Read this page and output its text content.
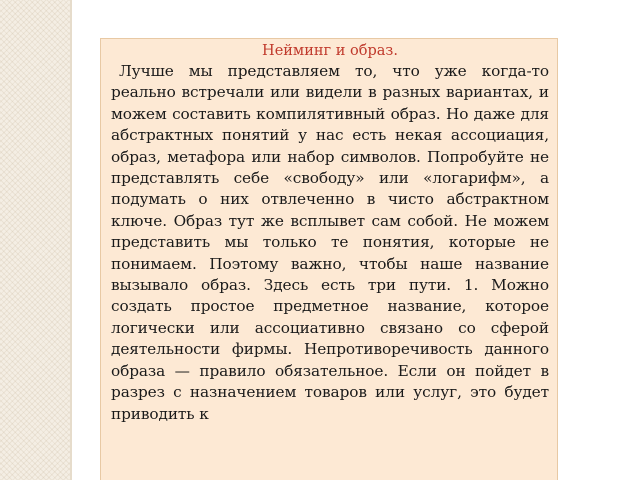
Нейминг и образ.

Лучше мы представляем то, что уже когда-то реально встречали или видели в разных вариантах, и можем составить компилятивный образ. Но даже для абстрактных понятий у нас есть некая ассоциация, образ, метафора или набор символов. Попробуйте не представлять себе «свободу» или «логарифм», а подумать о них отвлеченно в чисто абстрактном ключе. Образ тут же всплывет сам собой. Не можем представить мы только те понятия, которые не понимаем. Поэтому важно, чтобы наше название вызывало образ. Здесь есть три пути. 1. Можно создать простое предметное название, которое логически или ассоциативно связано со сферой деятельности фирмы. Непротиворечивость данного образа — правило обязательное. Если он пойдет в разрез с назначением товаров или услуг, это будет приводить к
